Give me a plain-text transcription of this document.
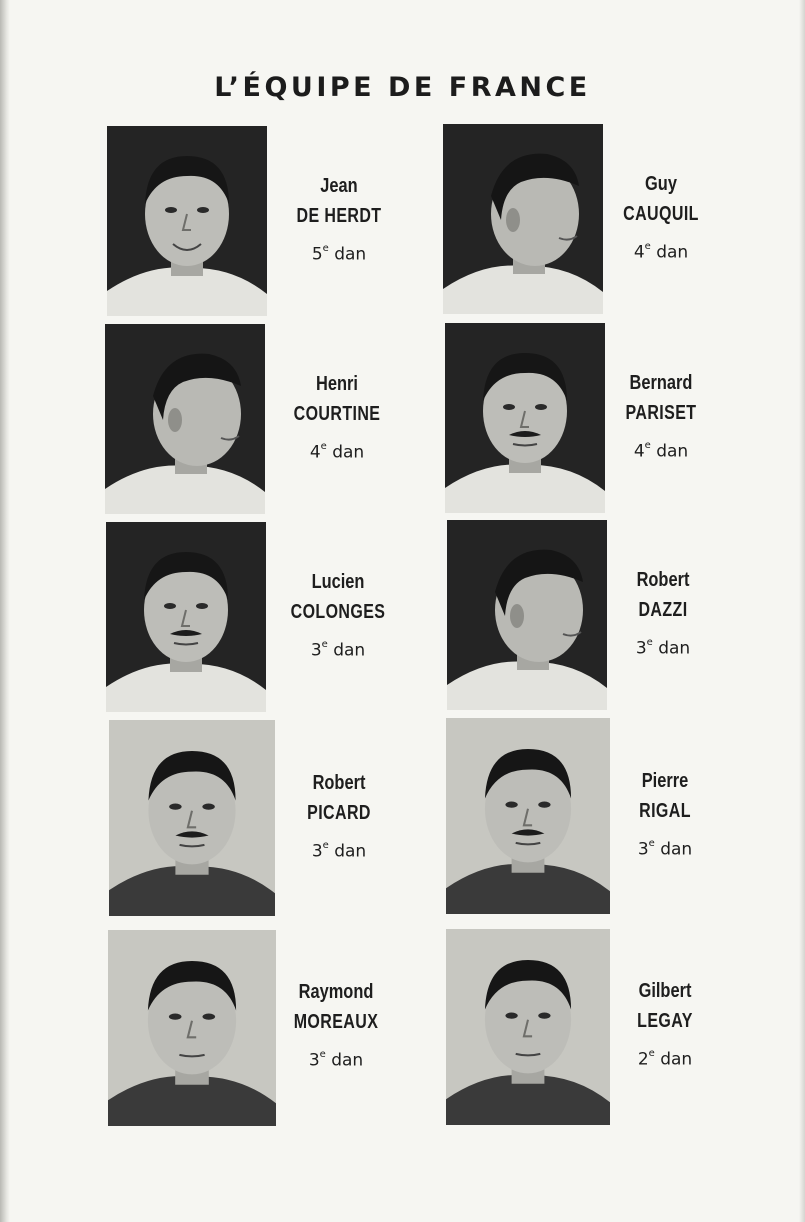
L’ÉQUIPE DE FRANCE
Jean
DE HERDT
5e dan
Guy
CAUQUIL
4e dan
Henri
COURTINE
4e dan
Bernard
PARISET
4e dan
Lucien
COLONGES
3e dan
Robert
DAZZI
3e dan
Robert
PICARD
3e dan
Pierre
RIGAL
3e dan
Raymond
MOREAUX
3e dan
Gilbert
LEGAY
2e dan
